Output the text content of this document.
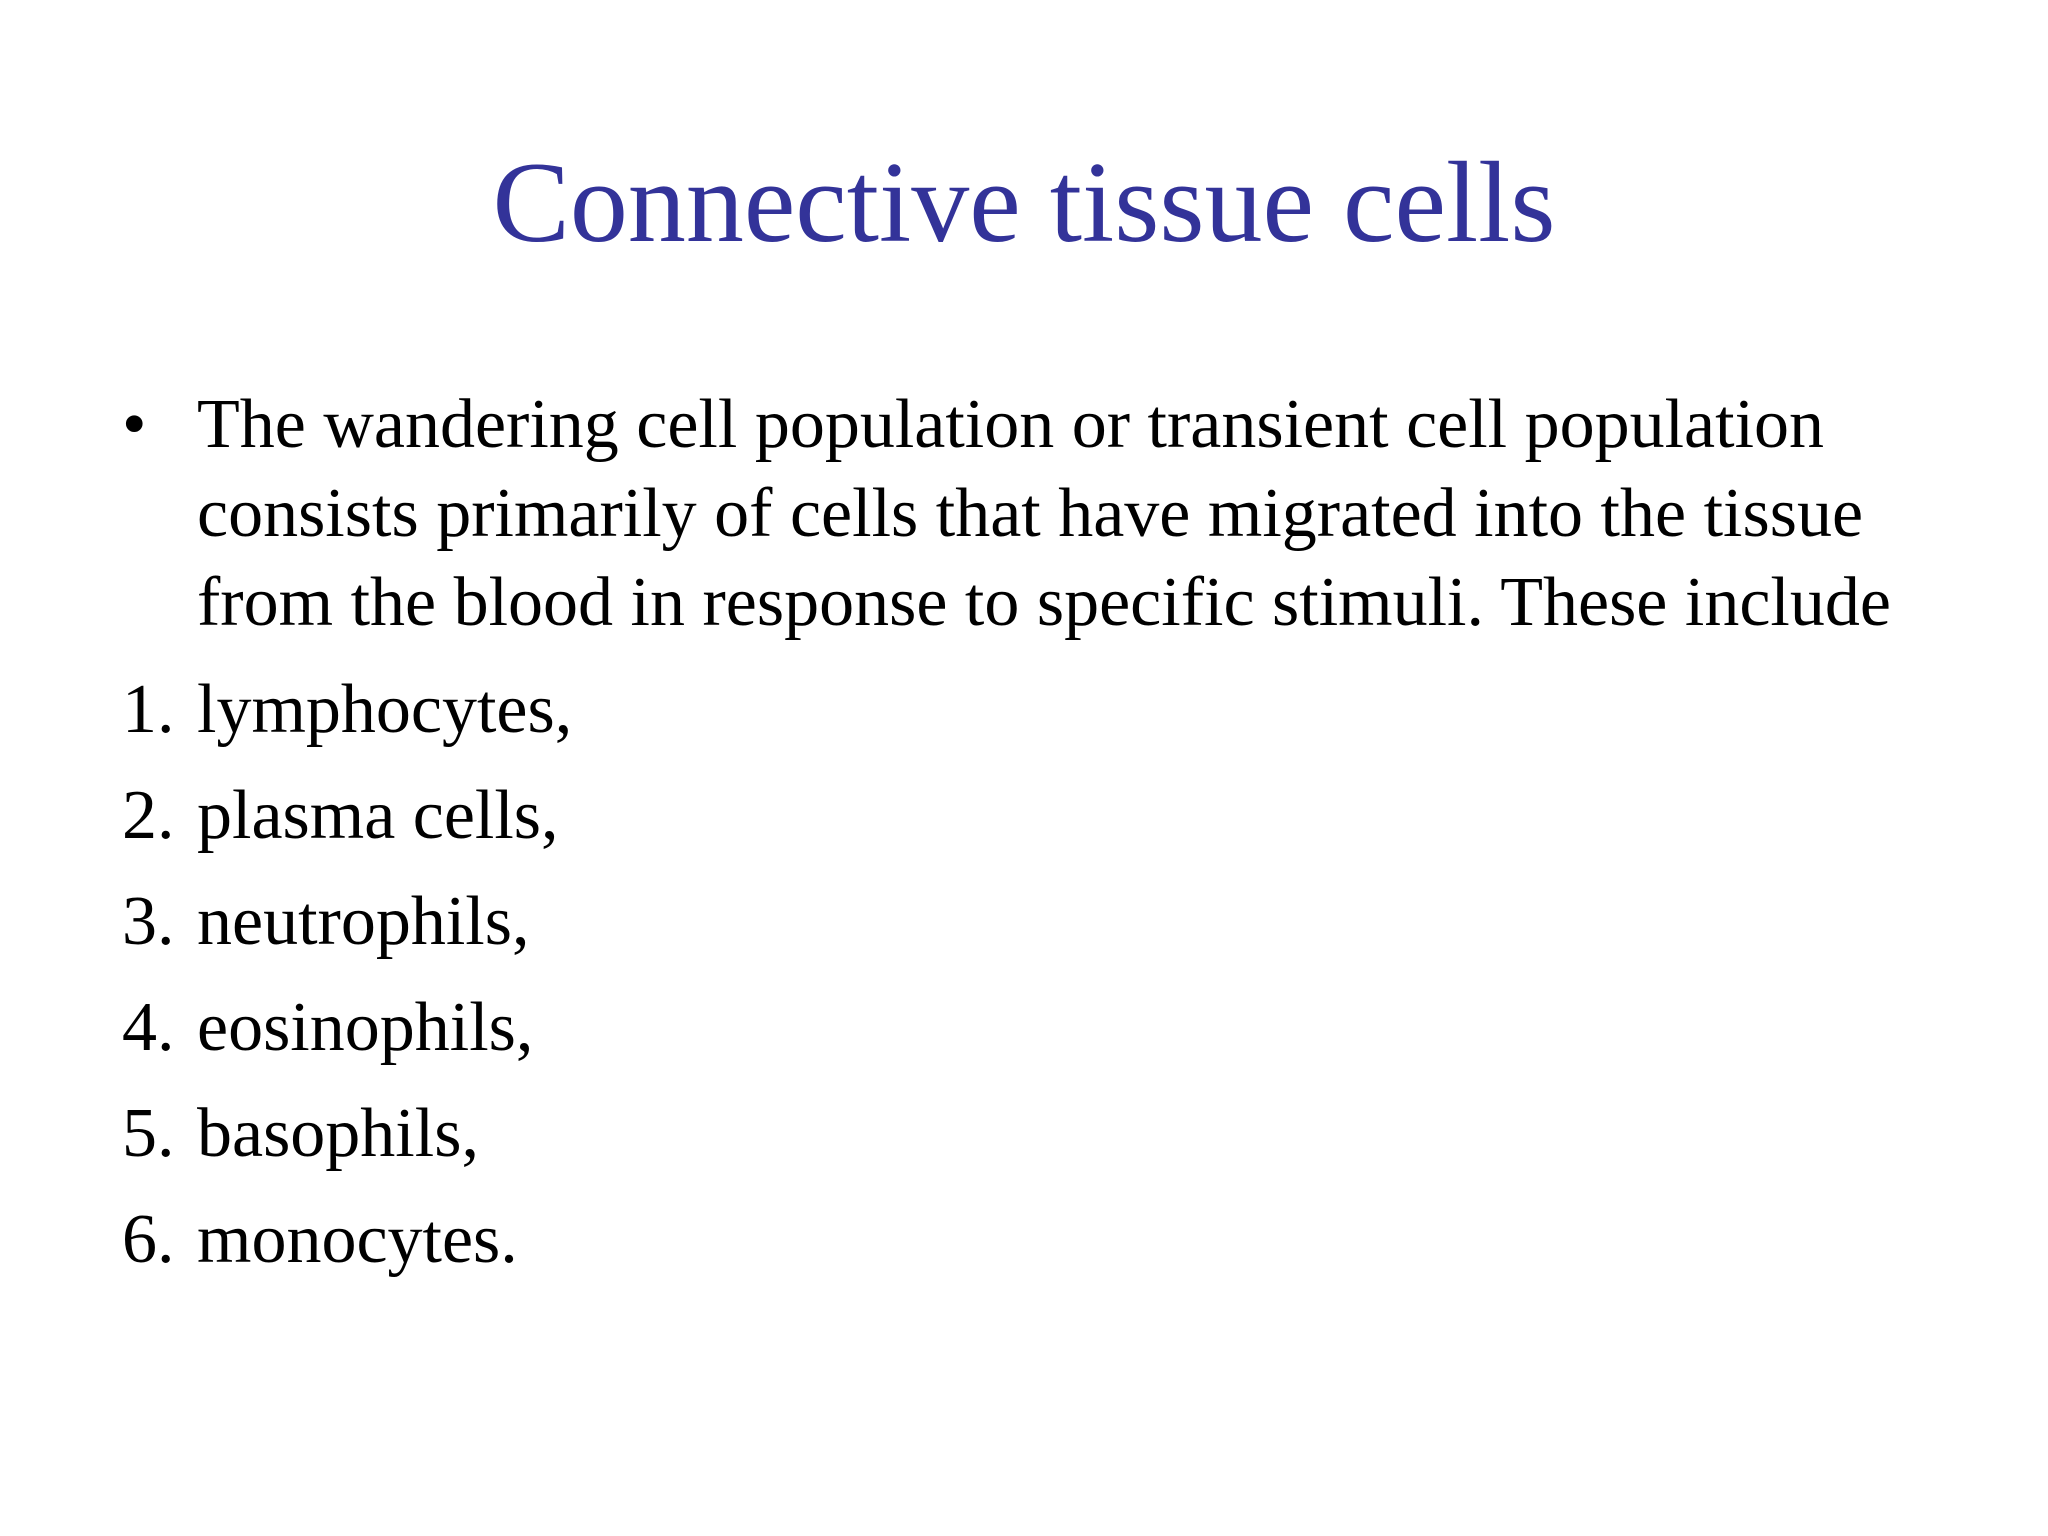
Connective tissue cells

• The wandering cell population or transient cell population consists primarily of cells that have migrated into the tissue from the blood in response to specific stimuli. These include

1. lymphocytes,
2. plasma cells,
3. neutrophils,
4. eosinophils,
5. basophils,
6. monocytes.
